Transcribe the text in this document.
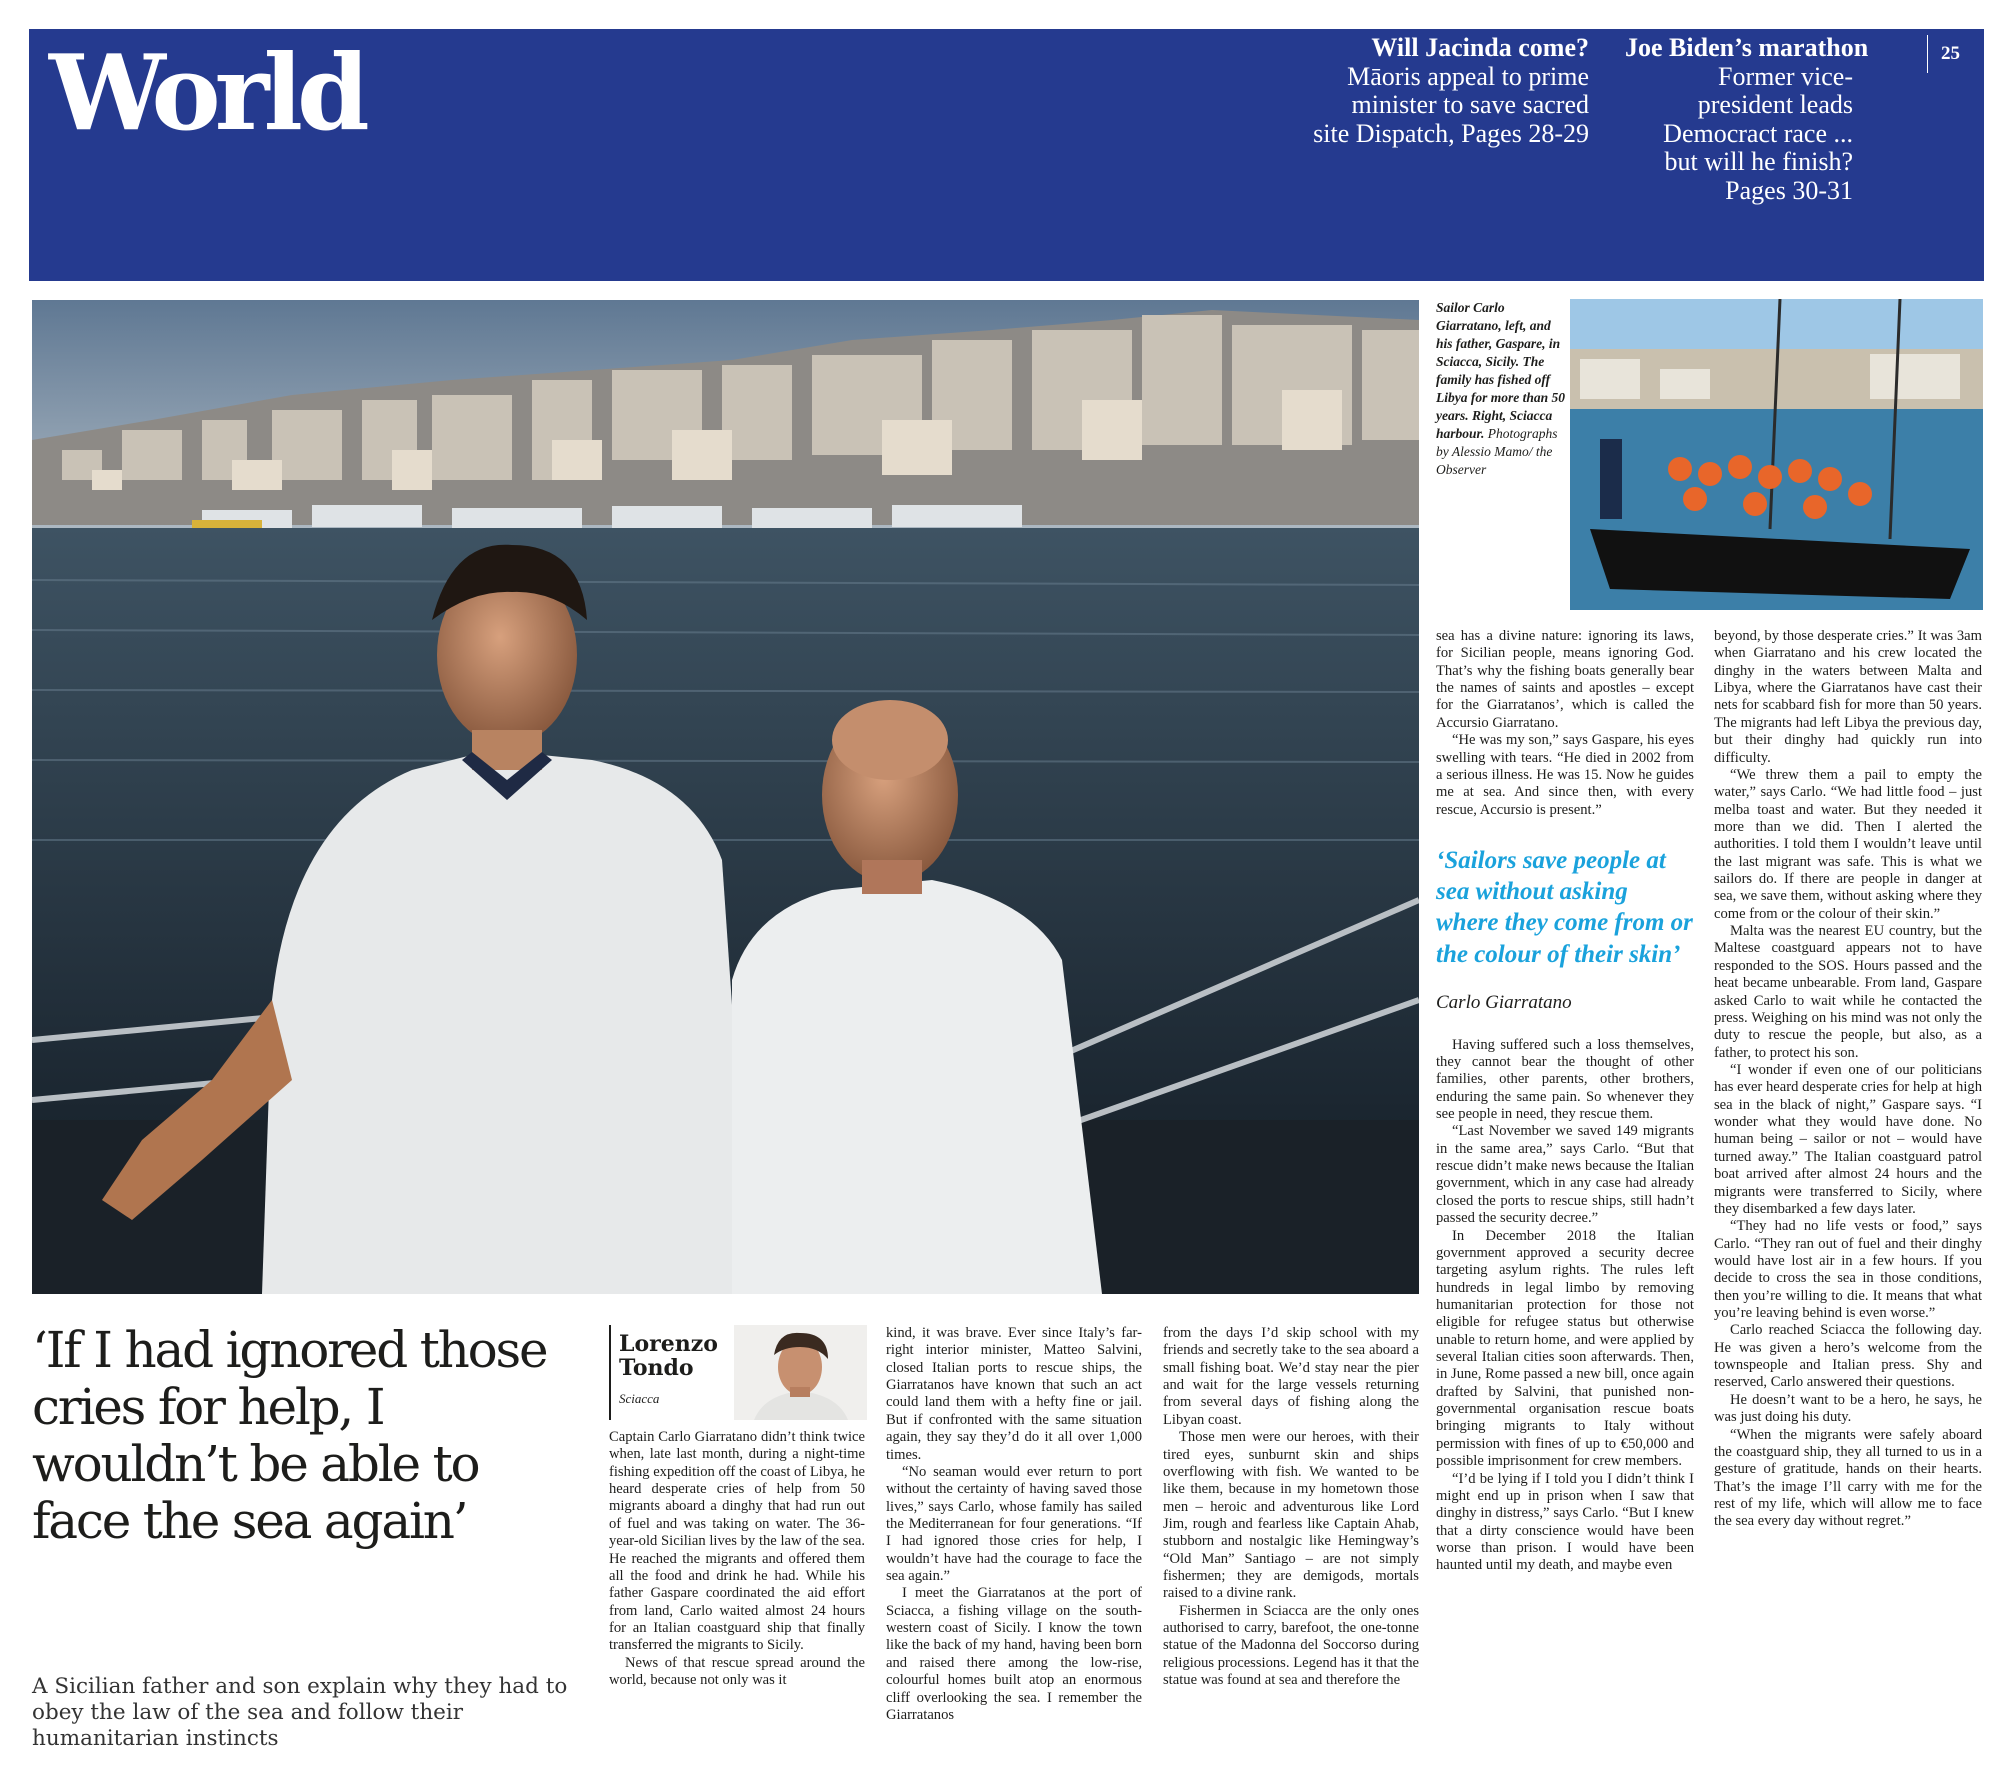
World	Will Jacinda come?
Māoris appeal to prime minister to save sacred site Dispatch, Pages 28-29
Joe Biden’s marathon
Former vice-president leads Democract race ... but will he finish? Pages 30-31
25
Sailor Carlo Giarratano, left, and his father, Gaspare, in Sciacca, Sicily. The family has fished off Libya for more than 50 years. Right, Sciacca harbour. Photographs by Alessio Mamo/ the Observer
‘If I had ignored those cries for help, I wouldn’t be able to face the sea again’
A Sicilian father and son explain why they had to obey the law of the sea and follow their humanitarian instincts
Lorenzo Tondo
Sciacca

Captain Carlo Giarratano didn’t think twice when, late last month, during a night-time fishing expedition off the coast of Libya, he heard desperate cries of help from 50 migrants aboard a dinghy that had run out of fuel and was taking on water. The 36-year-old Sicilian lives by the law of the sea. He reached the migrants and offered them all the food and drink he had. While his father Gaspare coordinated the aid effort from land, Carlo waited almost 24 hours for an Italian coastguard ship that finally transferred the migrants to Sicily.

News of that rescue spread around the world, because not only was it

kind, it was brave. Ever since Italy’s far-right interior minister, Matteo Salvini, closed Italian ports to rescue ships, the Giarratanos have known that such an act could land them with a hefty fine or jail. But if confronted with the same situation again, they say they’d do it all over 1,000 times.

“No seaman would ever return to port without the certainty of having saved those lives,” says Carlo, whose family has sailed the Mediterranean for four generations. “If I had ignored those cries for help, I wouldn’t have had the courage to face the sea again.”

I meet the Giarratanos at the port of Sciacca, a fishing village on the south-western coast of Sicily. I know the town like the back of my hand, having been born and raised there among the low-rise, colourful homes built atop an enormous cliff overlooking the sea. I remember the Giarratanos

from the days I’d skip school with my friends and secretly take to the sea aboard a small fishing boat. We’d stay near the pier and wait for the large vessels returning from several days of fishing along the Libyan coast.

Those men were our heroes, with their tired eyes, sunburnt skin and ships overflowing with fish. We wanted to be like them, because in my hometown those men – heroic and adventurous like Lord Jim, rough and fearless like Captain Ahab, stubborn and nostalgic like Hemingway’s “Old Man” Santiago – are not simply fishermen; they are demigods, mortals raised to a divine rank.

Fishermen in Sciacca are the only ones authorised to carry, barefoot, the one-tonne statue of the Madonna del Soccorso during religious processions. Legend has it that the statue was found at sea and therefore the

sea has a divine nature: ignoring its laws, for Sicilian people, means ignoring God. That’s why the fishing boats generally bear the names of saints and apostles – except for the Giarratanos’, which is called the Accursio Giarratano.

“He was my son,” says Gaspare, his eyes swelling with tears. “He died in 2002 from a serious illness. He was 15. Now he guides me at sea. And since then, with every rescue, Accursio is present.”

‘Sailors save people at sea without asking where they come from or the colour of their skin’
Carlo Giarratano

Having suffered such a loss themselves, they cannot bear the thought of other families, other parents, other brothers, enduring the same pain. So whenever they see people in need, they rescue them.

“Last November we saved 149 migrants in the same area,” says Carlo. “But that rescue didn’t make news because the Italian government, which in any case had already closed the ports to rescue ships, still hadn’t passed the security decree.”

In December 2018 the Italian government approved a security decree targeting asylum rights. The rules left hundreds in legal limbo by removing humanitarian protection for those not eligible for refugee status but otherwise unable to return home, and were applied by several Italian cities soon afterwards. Then, in June, Rome passed a new bill, once again drafted by Salvini, that punished non-governmental organisation rescue boats bringing migrants to Italy without permission with fines of up to €50,000 and possible imprisonment for crew members.

“I’d be lying if I told you I didn’t think I might end up in prison when I saw that dinghy in distress,” says Carlo. “But I knew that a dirty conscience would have been worse than prison. I would have been haunted until my death, and maybe even

beyond, by those desperate cries.” It was 3am when Giarratano and his crew located the dinghy in the waters between Malta and Libya, where the Giarratanos have cast their nets for scabbard fish for more than 50 years. The migrants had left Libya the previous day, but their dinghy had quickly run into difficulty.

“We threw them a pail to empty the water,” says Carlo. “We had little food – just melba toast and water. But they needed it more than we did. Then I alerted the authorities. I told them I wouldn’t leave until the last migrant was safe. This is what we sailors do. If there are people in danger at sea, we save them, without asking where they come from or the colour of their skin.”

Malta was the nearest EU country, but the Maltese coastguard appears not to have responded to the SOS. Hours passed and the heat became unbearable. From land, Gaspare asked Carlo to wait while he contacted the press. Weighing on his mind was not only the duty to rescue the people, but also, as a father, to protect his son.

“I wonder if even one of our politicians has ever heard desperate cries for help at high sea in the black of night,” Gaspare says. “I wonder what they would have done. No human being – sailor or not – would have turned away.” The Italian coastguard patrol boat arrived after almost 24 hours and the migrants were transferred to Sicily, where they disembarked a few days later.

“They had no life vests or food,” says Carlo. “They ran out of fuel and their dinghy would have lost air in a few hours. If you decide to cross the sea in those conditions, then you’re willing to die. It means that what you’re leaving behind is even worse.”

Carlo reached Sciacca the following day. He was given a hero’s welcome from the townspeople and Italian press. Shy and reserved, Carlo answered their questions.

He doesn’t want to be a hero, he says, he was just doing his duty.

“When the migrants were safely aboard the coastguard ship, they all turned to us in a gesture of gratitude, hands on their hearts. That’s the image I’ll carry with me for the rest of my life, which will allow me to face the sea every day without regret.”
